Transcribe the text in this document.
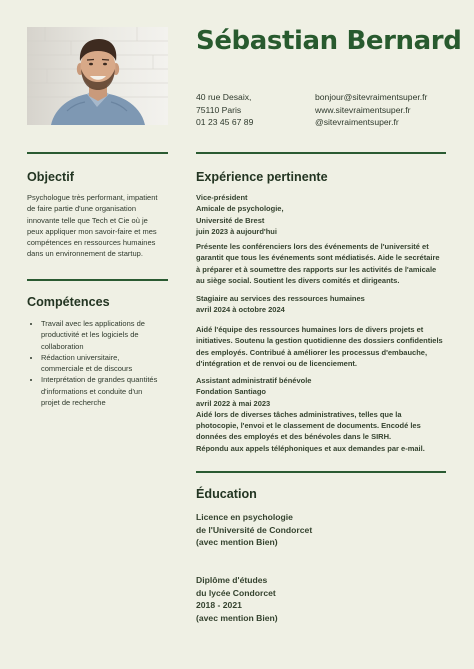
Sébastian Bernard
40 rue Desaix,
75110 Paris
01 23 45 67 89
bonjour@sitevraimentsuper.fr
www.sitevraimentsuper.fr
@sitevraimentsuper.fr
Objectif
Psychologue très performant, impatient
de faire partie d'une organisation
innovante telle que Tech et Cie où je
peux appliquer mon savoir-faire et mes
compétences en ressources humaines
dans un environnement de startup.
Compétences
• Travail avec les applications de
productivité et les logiciels de
collaboration
• Rédaction universitaire,
commerciale et de discours
• Interprétation de grandes quantités
d'informations et conduite d'un
projet de recherche
Expérience pertinente
Vice-président
Amicale de psychologie,
Université de Brest
juin 2023 à aujourd'hui
Présente les conférenciers lors des événements de l'université et
garantit que tous les événements sont médiatisés. Aide le secrétaire
à préparer et à soumettre des rapports sur les activités de l'amicale
au siège social. Soutient les divers comités et dirigeants.
Stagiaire au services des ressources humaines
avril 2024 à octobre 2024
Aidé l'équipe des ressources humaines lors de divers projets et
initiatives. Soutenu la gestion quotidienne des dossiers confidentiels
des employés. Contribué à améliorer les processus d'embauche,
d'intégration et de renvoi ou de licenciement.
Assistant administratif bénévole
Fondation Santiago
avril 2022 à mai 2023
Aidé lors de diverses tâches administratives, telles que la
photocopie, l'envoi et le classement de documents. Encodé les
données des employés et des bénévoles dans le SIRH.
Répondu aux appels téléphoniques et aux demandes par e-mail.
Éducation
Licence en psychologie
de l'Université de Condorcet
(avec mention Bien)
Diplôme d'études
du lycée Condorcet
2018 - 2021
(avec mention Bien)
